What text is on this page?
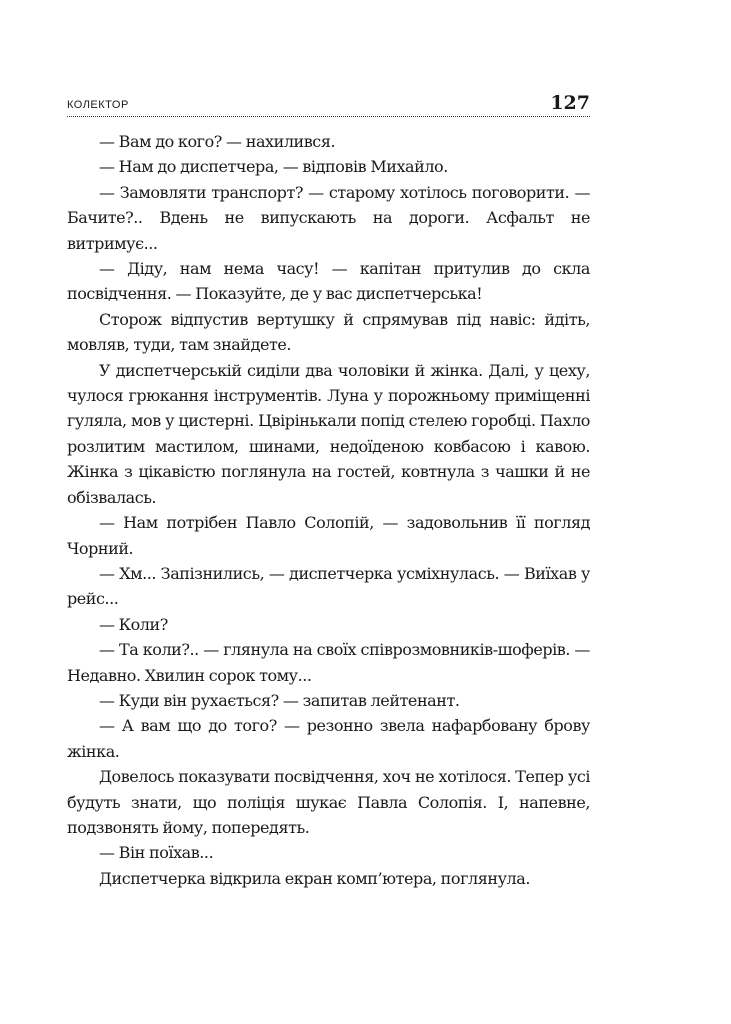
КОЛЕКТОР	127

— Вам до кого? — нахилився.

— Нам до диспетчера, — відповів Михайло.

— Замовляти транспорт? — старому хотілось поговорити. — Бачите?.. Вдень не випускають на дороги. Асфальт не витримує...

— Діду, нам нема часу! — капітан притулив до скла посвідчення. — Показуйте, де у вас диспетчерська!

Сторож відпустив вертушку й спрямував під навіс: йдіть, мовляв, туди, там знайдете.

У диспетчерській сиділи два чоловіки й жінка. Далі, у цеху, чулося грюкання інструментів. Луна у порожньому приміщенні гуляла, мов у цистерні. Цвірінькали попід стелею горобці. Пахло розлитим мастилом, шинами, недоїденою ковбасою і кавою. Жінка з цікавістю поглянула на гостей, ковтнула з чашки й не обізвалась.

— Нам потрібен Павло Солопій, — задовольнив її погляд Чорний.

— Хм... Запізнились, — диспетчерка усміхнулась. — Виїхав у рейс...

— Коли?

— Та коли?.. — глянула на своїх співрозмовників-шоферів. — Недавно. Хвилин сорок тому...

— Куди він рухається? — запитав лейтенант.

— А вам що до того? — резонно звела нафарбовану брову жінка.

Довелось показувати посвідчення, хоч не хотілося. Тепер усі будуть знати, що поліція шукає Павла Солопія. І, напевне, подзвонять йому, попередять.

— Він поїхав...

Диспетчерка відкрила екран комп’ютера, поглянула.
